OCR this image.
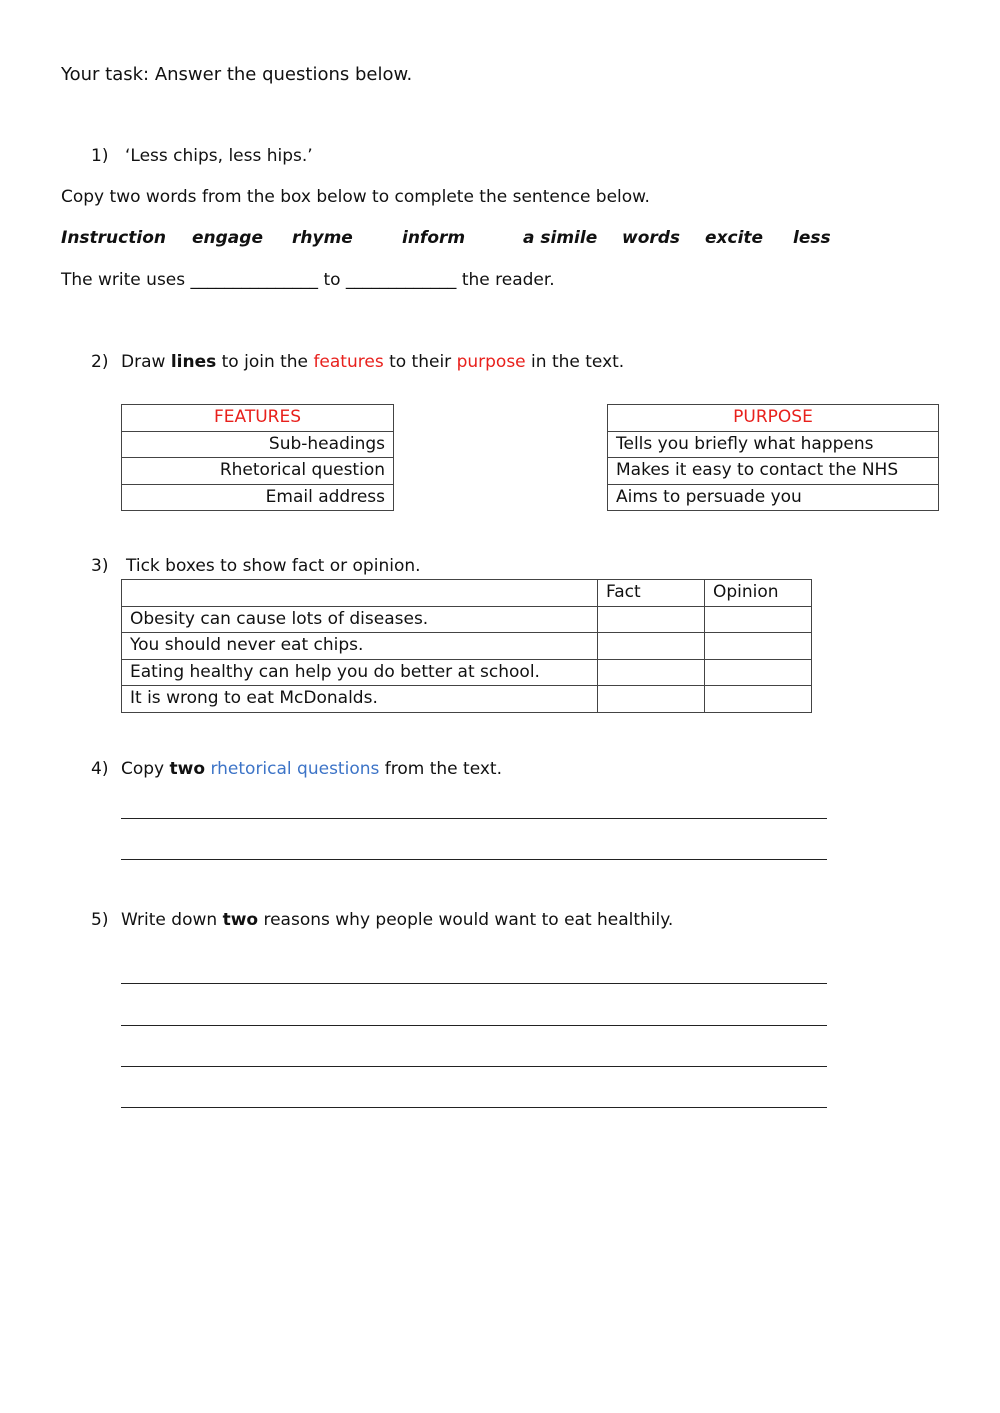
Your task: Answer the questions below.
1) ‘Less chips, less hips.’
Copy two words from the box below to complete the sentence below.
Instruction engage rhyme	inform	a simile words excite less
The write uses _______________ to _____________ the reader.
2) Draw lines to join the features to their purpose in the text.
FEATURES
Sub-headings
Rhetorical question
Email address
PURPOSE
Tells you briefly what happens
Makes it easy to contact the NHS
Aims to persuade you
3) Tick boxes to show fact or opinion.
	Fact	Opinion
Obesity can cause lots of diseases.		
You should never eat chips.		
Eating healthy can help you do better at school.		
It is wrong to eat McDonalds.		
4) Copy two rhetorical questions from the text.
5) Write down two reasons why people would want to eat healthily.
